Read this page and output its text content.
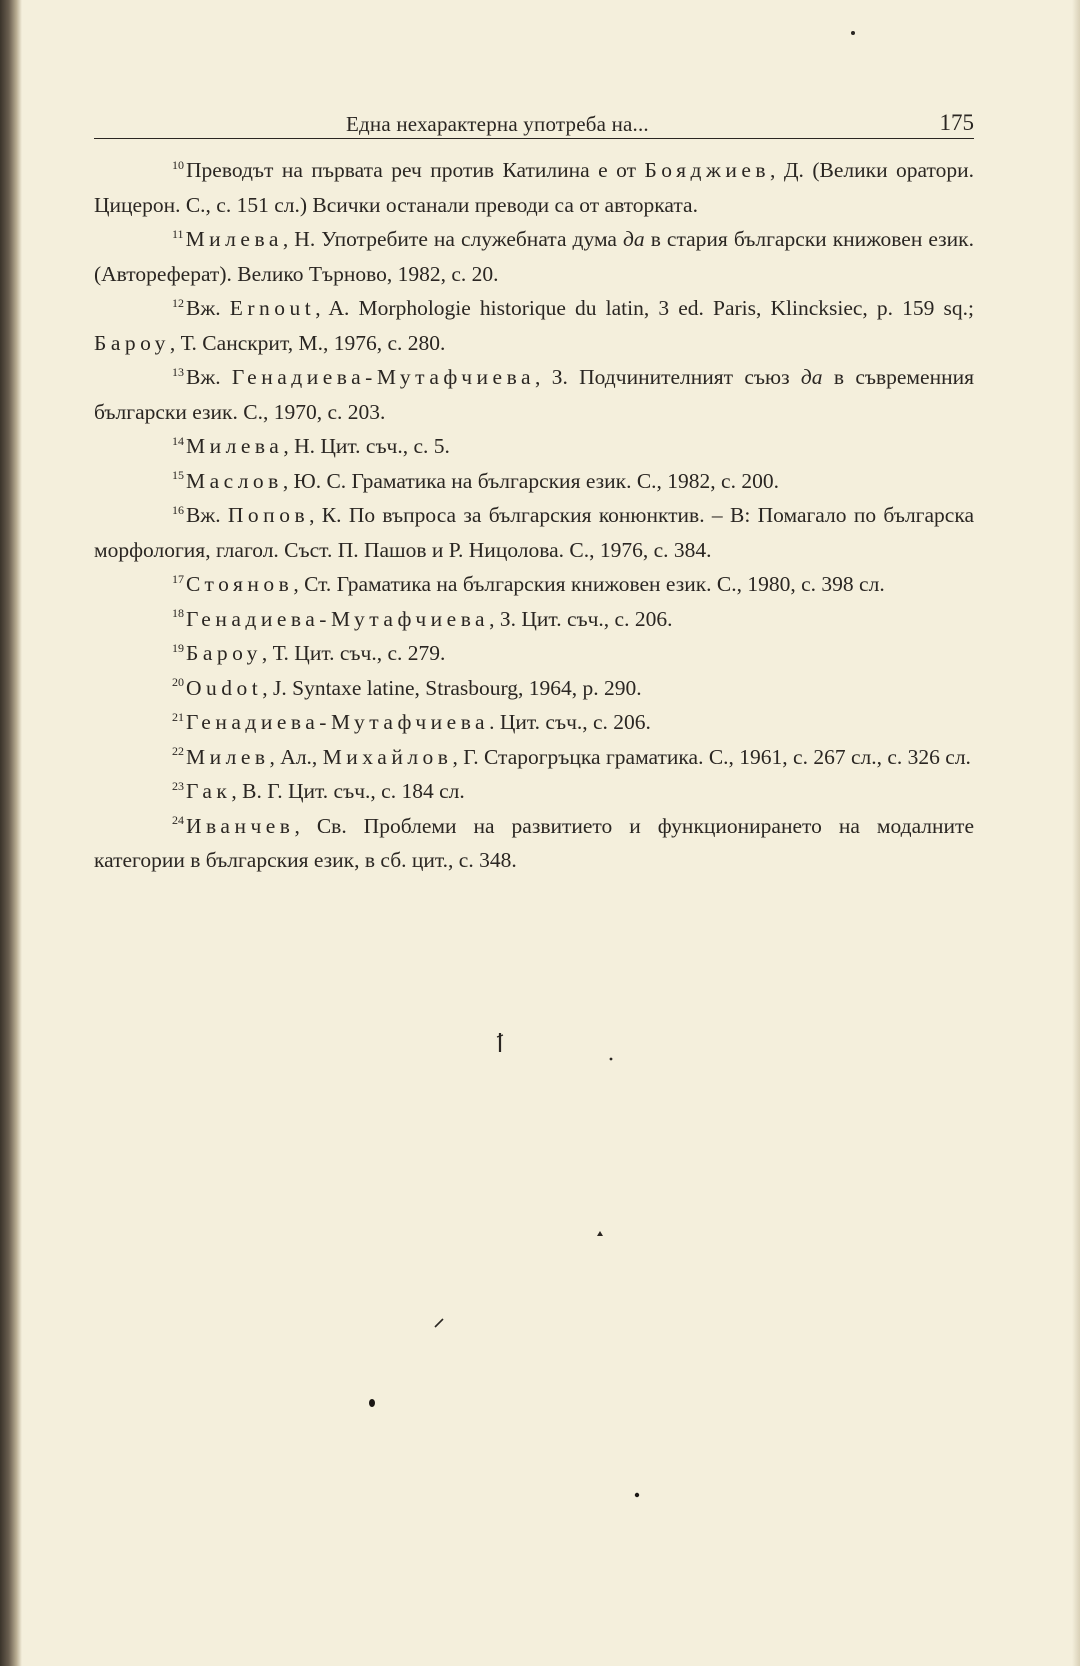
Една нехарактерна употреба на...	175

$^{10}$Преводът на първата реч против Катилина е от Бояджиев, Д. (Велики оратори. Цицерон. С., с. 151 сл.) Всички останали преводи са от авторката.

$^{11}$Милева, Н. Употребите на служебната дума да в стария български книжовен език. (Автореферат). Велико Търново, 1982, с. 20.

$^{12}$Вж. Ernout, A. Morphologie historique du latin, 3 ed. Paris, Klincksiec, p. 159 sq.; Бароу, Т. Санскрит, М., 1976, с. 280.

$^{13}$Вж. Генадиева-Мутафчиева, З. Подчинителният съюз да в съвременния български език. С., 1970, с. 203.

$^{14}$Милева, Н. Цит. съч., с. 5.

$^{15}$Маслов, Ю. С. Граматика на българския език. С., 1982, с. 200.

$^{16}$Вж. Попов, К. По въпроса за българския конюнктив. – В: Помагало по българска морфология, глагол. Съст. П. Пашов и Р. Ницолова. С., 1976, с. 384.

$^{17}$Стоянов, Ст. Граматика на българския книжовен език. С., 1980, с. 398 сл.

$^{18}$Генадиева-Мутафчиева, З. Цит. съч., с. 206.

$^{19}$Бароу, Т. Цит. съч., с. 279.

$^{20}$Oudot, J. Syntaxe latine, Strasbourg, 1964, p. 290.

$^{21}$Генадиева-Мутафчиева. Цит. съч., с. 206.

$^{22}$Милев, Ал., Михайлов, Г. Старогръцка граматика. С., 1961, с. 267 сл., с. 326 сл.

$^{23}$Гак, В. Г. Цит. съч., с. 184 сл.

$^{24}$Иванчев, Св. Проблеми на развитието и функционирането на модалните категории в българския език, в сб. цит., с. 348.
